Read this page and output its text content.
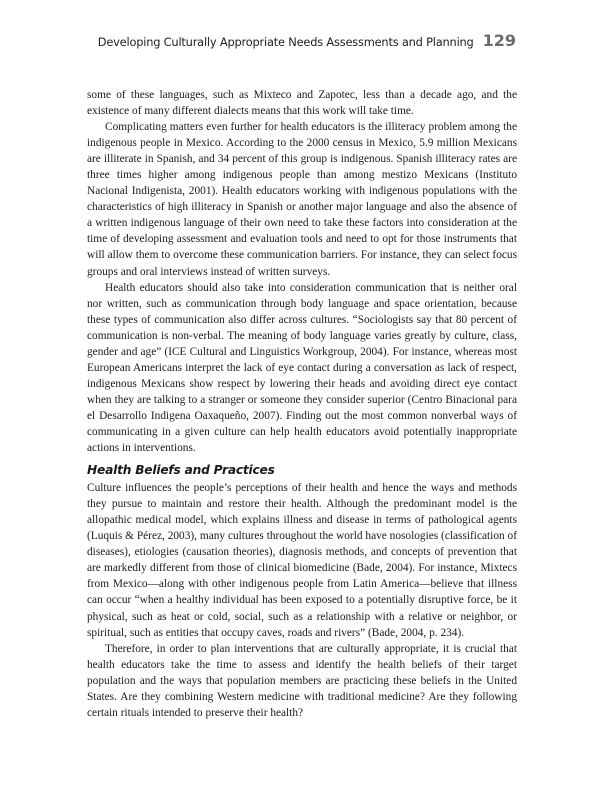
Developing Culturally Appropriate Needs Assessments and Planning 129

some of these languages, such as Mixteco and Zapotec, less than a decade ago, and the existence of many different dialects means that this work will take time.

Complicating matters even further for health educators is the illiteracy problem among the indigenous people in Mexico. According to the 2000 census in Mexico, 5.9 million Mexicans are illiterate in Spanish, and 34 percent of this group is indigenous. Spanish illiteracy rates are three times higher among indigenous people than among mestizo Mexicans (Instituto Nacional Indigenista, 2001). Health educators working with indigenous populations with the characteristics of high illiteracy in Spanish or another major language and also the absence of a written indigenous language of their own need to take these factors into consideration at the time of developing assessment and evaluation tools and need to opt for those instruments that will allow them to overcome these communication barriers. For instance, they can select focus groups and oral interviews instead of written surveys.

Health educators should also take into consideration communication that is neither oral nor written, such as communication through body language and space orientation, because these types of communication also differ across cultures. “Sociologists say that 80 percent of communication is non-verbal. The meaning of body language varies greatly by culture, class, gender and age” (ICE Cultural and Linguistics Workgroup, 2004). For instance, whereas most European Americans interpret the lack of eye contact during a conversation as lack of respect, indigenous Mexicans show respect by lowering their heads and avoiding direct eye contact when they are talking to a stranger or someone they consider superior (Centro Binacional para el Desarrollo Indigena Oaxaqueño, 2007). Finding out the most common nonverbal ways of communicating in a given culture can help health educators avoid potentially inappropriate actions in interventions.

Health Beliefs and Practices

Culture influences the people’s perceptions of their health and hence the ways and methods they pursue to maintain and restore their health. Although the predominant model is the allopathic medical model, which explains illness and disease in terms of pathological agents (Luquis & Pérez, 2003), many cultures throughout the world have nosologies (classification of diseases), etiologies (causation theories), diagnosis methods, and concepts of prevention that are markedly different from those of clinical biomedicine (Bade, 2004). For instance, Mixtecs from Mexico—along with other indigenous people from Latin America—believe that illness can occur “when a healthy individual has been exposed to a potentially disruptive force, be it physical, such as heat or cold, social, such as a relationship with a relative or neighbor, or spiritual, such as entities that occupy caves, roads and rivers” (Bade, 2004, p. 234).

Therefore, in order to plan interventions that are culturally appropriate, it is crucial that health educators take the time to assess and identify the health beliefs of their target population and the ways that population members are practicing these beliefs in the United States. Are they combining Western medicine with traditional medicine? Are they following certain rituals intended to preserve their health?
